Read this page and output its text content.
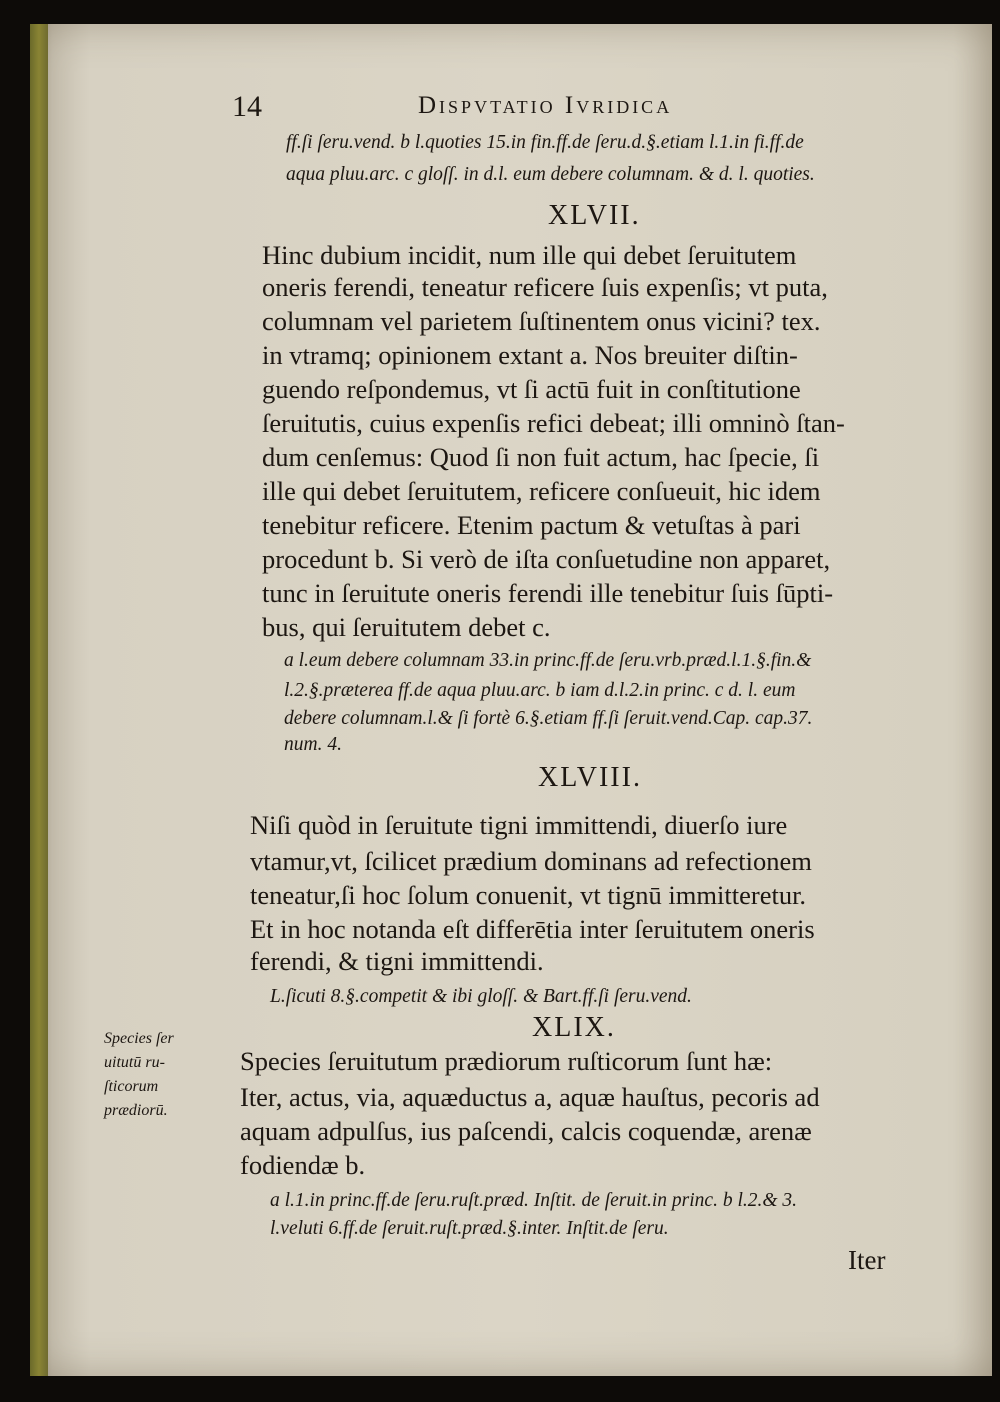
14	Dispvtatio Ivridica
ff.ſi ſeru.vend. b l.quoties 15.in fin.ff.de ſeru.d.§.etiam l.1.in fi.ff.de
aqua pluu.arc. c gloſſ. in d.l. eum debere columnam. & d. l. quoties.
XLVII.
Hinc dubium incidit, num ille qui debet ſeruitutem
oneris ferendi, teneatur reficere ſuis expenſis; vt puta,
columnam vel parietem ſuſtinentem onus vicini? tex.
in vtramq; opinionem extant a. Nos breuiter diſtin-
guendo reſpondemus, vt ſi actū fuit in conſtitutione
ſeruitutis, cuius expenſis refici debeat; illi omninò ſtan-
dum cenſemus: Quod ſi non fuit actum, hac ſpecie, ſi
ille qui debet ſeruitutem, reficere conſueuit, hic idem
tenebitur reficere. Etenim pactum & vetuſtas à pari
procedunt b. Si verò de iſta conſuetudine non apparet,
tunc in ſeruitute oneris ferendi ille tenebitur ſuis ſūpti-
bus, qui ſeruitutem debet c.
a l.eum debere columnam 33.in princ.ff.de ſeru.vrb.præd.l.1.§.fin.&
l.2.§.præterea ff.de aqua pluu.arc. b iam d.l.2.in princ. c d. l. eum
debere columnam.l.& ſi fortè 6.§.etiam ff.ſi ſeruit.vend.Cap. cap.37.
num. 4.
XLVIII.
Niſi quòd in ſeruitute tigni immittendi, diuerſo iure
vtamur,vt, ſcilicet prædium dominans ad refectionem
teneatur,ſi hoc ſolum conuenit, vt tignū immitteretur.
Et in hoc notanda eſt differētia inter ſeruitutem oneris
ferendi, & tigni immittendi.
L.ſicuti 8.§.competit & ibi gloſſ. & Bart.ff.ſi ſeru.vend.
XLIX.
Species ſer
uitutū ru-
ſticorum
prædiorū.
Species ſeruitutum prædiorum ruſticorum ſunt hæ:
Iter, actus, via, aquæductus a, aquæ hauſtus, pecoris ad
aquam adpulſus, ius paſcendi, calcis coquendæ, arenæ
fodiendæ b.
a l.1.in princ.ff.de ſeru.ruſt.præd. Inſtit. de ſeruit.in princ. b l.2.& 3.
l.veluti 6.ff.de ſeruit.ruſt.præd.§.inter. Inſtit.de ſeru.
Iter
